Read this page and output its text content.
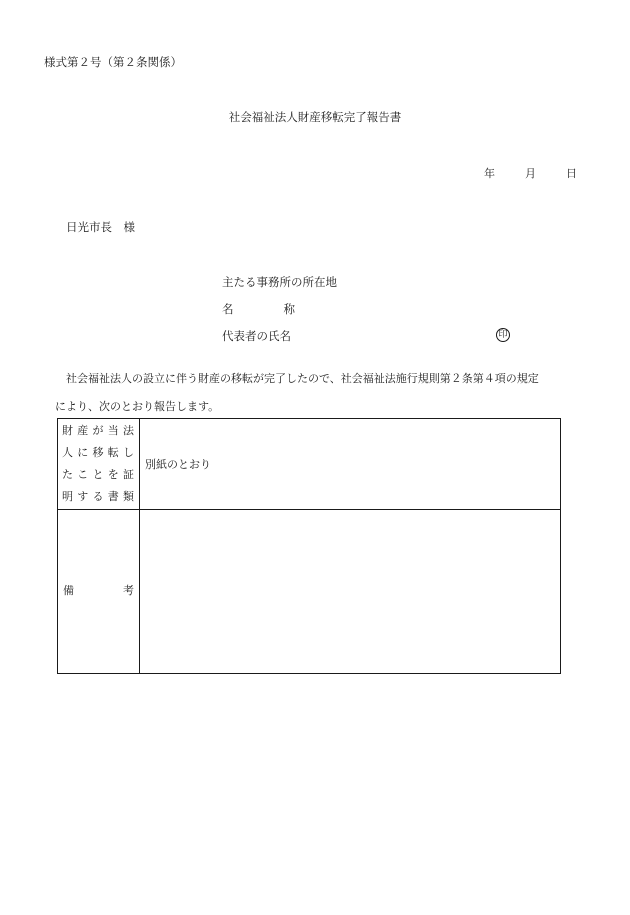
様式第２号（第２条関係）
社会福祉法人財産移転完了報告書
年	月	日
日光市長　様
主たる事務所の所在地
名	称
代表者の氏名	印
社会福祉法人の設立に伴う財産の移転が完了したので、社会福祉法施行規則第２条第４項の規定
により、次のとおり報告します。
財産が当法
人に移転し
たことを証
明する書類	別紙のとおり

備 考	
